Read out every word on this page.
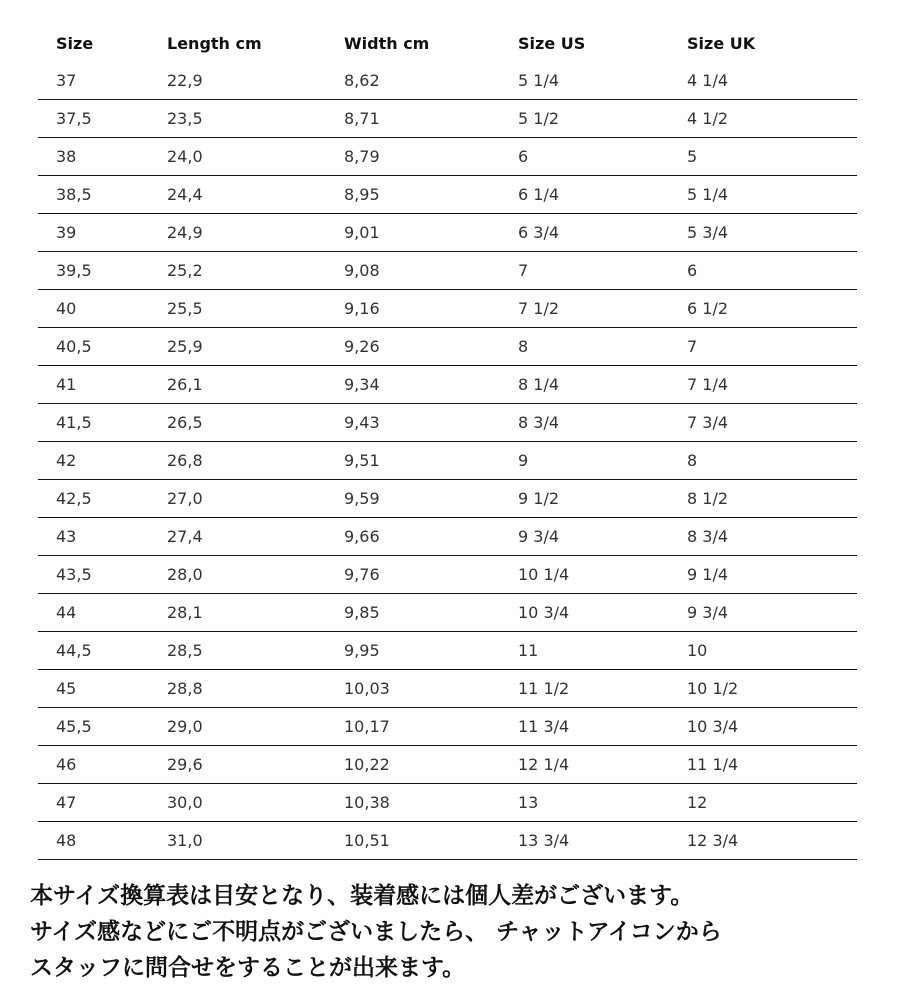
Size	Length cm	Width cm	Size US	Size UK
37	22,9	8,62	5 1/4	4 1/4
37,5	23,5	8,71	5 1/2	4 1/2
38	24,0	8,79	6	5
38,5	24,4	8,95	6 1/4	5 1/4
39	24,9	9,01	6 3/4	5 3/4
39,5	25,2	9,08	7	6
40	25,5	9,16	7 1/2	6 1/2
40,5	25,9	9,26	8	7
41	26,1	9,34	8 1/4	7 1/4
41,5	26,5	9,43	8 3/4	7 3/4
42	26,8	9,51	9	8
42,5	27,0	9,59	9 1/2	8 1/2
43	27,4	9,66	9 3/4	8 3/4
43,5	28,0	9,76	10 1/4	9 1/4
44	28,1	9,85	10 3/4	9 3/4
44,5	28,5	9,95	11	10
45	28,8	10,03	11 1/2	10 1/2
45,5	29,0	10,17	11 3/4	10 3/4
46	29,6	10,22	12 1/4	11 1/4
47	30,0	10,38	13	12
48	31,0	10,51	13 3/4	12 3/4
本サイズ換算表は目安となり、装着感には個人差がございます。
サイズ感などにご不明点がございましたら、 チャットアイコンから
スタッフに問合せをすることが出来ます。
